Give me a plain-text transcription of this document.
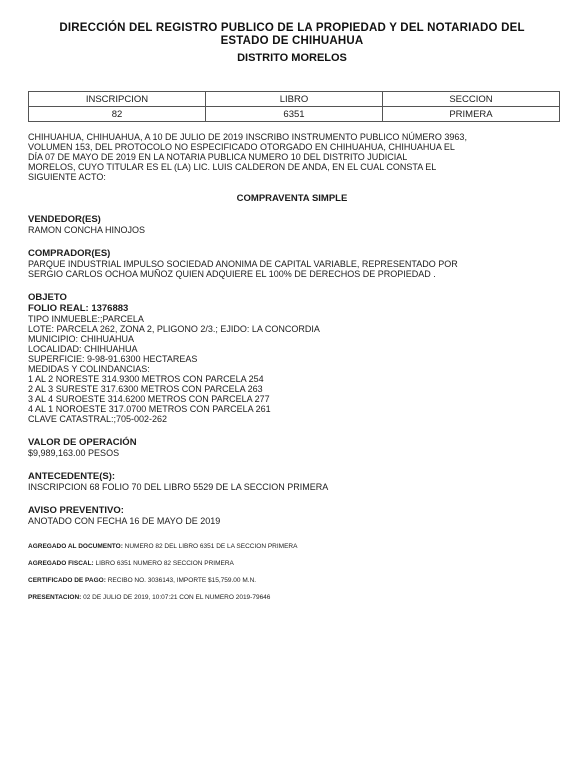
DIRECCIÓN DEL REGISTRO PUBLICO DE LA PROPIEDAD Y DEL NOTARIADO DEL
ESTADO DE CHIHUAHUA
DISTRITO MORELOS
INSCRIPCION	LIBRO	SECCION
82	6351	PRIMERA
CHIHUAHUA, CHIHUAHUA, A 10 DE JULIO DE 2019 INSCRIBO INSTRUMENTO PUBLICO NÚMERO 3963,
VOLUMEN 153, DEL PROTOCOLO NO ESPECIFICADO OTORGADO EN CHIHUAHUA, CHIHUAHUA EL
DÍA 07 DE MAYO DE 2019 EN LA NOTARIA PUBLICA NUMERO 10 DEL DISTRITO JUDICIAL
MORELOS, CUYO TITULAR ES EL (LA) LIC. LUIS CALDERON DE ANDA, EN EL CUAL CONSTA EL
SIGUIENTE ACTO:
COMPRAVENTA SIMPLE
VENDEDOR(ES)
RAMON CONCHA HINOJOS
COMPRADOR(ES)
PARQUE INDUSTRIAL IMPULSO SOCIEDAD ANONIMA DE CAPITAL VARIABLE, REPRESENTADO POR
SERGIO CARLOS OCHOA MUÑOZ QUIEN ADQUIERE EL 100% DE DERECHOS DE PROPIEDAD .
OBJETO
FOLIO REAL: 1376883
TIPO INMUEBLE:;PARCELA
LOTE: PARCELA 262, ZONA 2, PLIGONO 2/3.; EJIDO: LA CONCORDIA
MUNICIPIO: CHIHUAHUA
LOCALIDAD: CHIHUAHUA
SUPERFICIE: 9-98-91.6300 HECTAREAS
MEDIDAS Y COLINDANCIAS:
1 AL 2 NORESTE 314.9300 METROS CON PARCELA 254
2 AL 3 SURESTE 317.6300 METROS CON PARCELA 263
3 AL 4 SUROESTE 314.6200 METROS CON PARCELA 277
4 AL 1 NOROESTE 317.0700 METROS CON PARCELA 261
CLAVE CATASTRAL:;705-002-262
VALOR DE OPERACIÓN
$9,989,163.00 PESOS
ANTECEDENTE(S):
INSCRIPCION 68 FOLIO 70 DEL LIBRO 5529 DE LA SECCION PRIMERA
AVISO PREVENTIVO:
ANOTADO CON FECHA 16 DE MAYO DE 2019
AGREGADO AL DOCUMENTO: NUMERO 82 DEL LIBRO 6351 DE LA SECCION PRIMERA
AGREGADO FISCAL: LIBRO 6351 NUMERO 82 SECCION PRIMERA
CERTIFICADO DE PAGO: RECIBO NO. 3036143, IMPORTE $15,759.00 M.N.
PRESENTACION: 02 DE JULIO DE 2019, 10:07:21 CON EL NUMERO 2019-79646
